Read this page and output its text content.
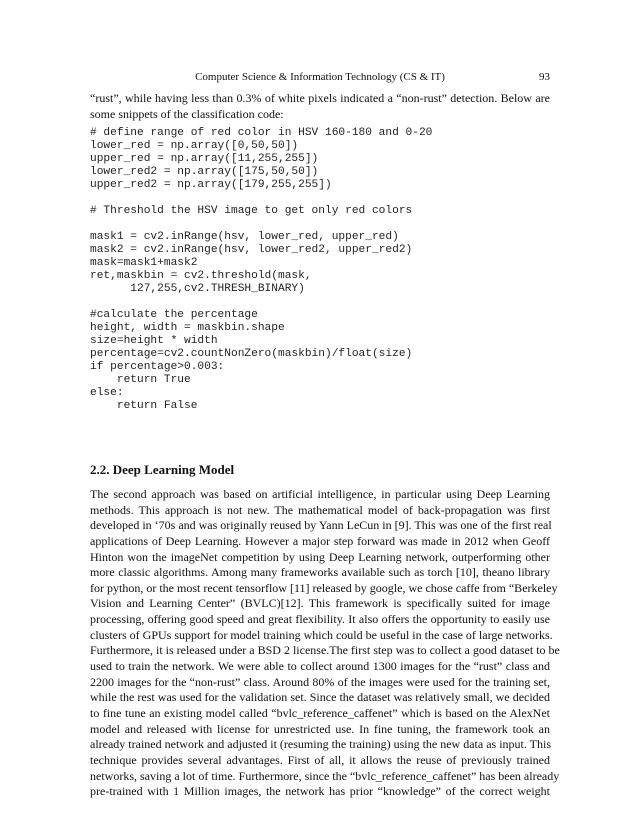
Computer Science & Information Technology (CS & IT)	93
“rust”, while having less than 0.3% of white pixels indicated a “non-rust” detection. Below are
some snippets of the classification code:
# define range of red color in HSV 160-180 and 0-20
lower_red = np.array([0,50,50])
upper_red = np.array([11,255,255])
lower_red2 = np.array([175,50,50])
upper_red2 = np.array([179,255,255])
# Threshold the HSV image to get only red colors
mask1 = cv2.inRange(hsv, lower_red, upper_red)
mask2 = cv2.inRange(hsv, lower_red2, upper_red2)
mask=mask1+mask2
ret,maskbin = cv2.threshold(mask,
127,255,cv2.THRESH_BINARY)
#calculate the percentage
height, width = maskbin.shape
size=height * width
percentage=cv2.countNonZero(maskbin)/float(size)
if percentage>0.003:
return True
else:
return False
2.2. Deep Learning Model
The second approach was based on artificial intelligence, in particular using Deep Learning
methods. This approach is not new. The mathematical model of back-propagation was first
developed in ‘70s and was originally reused by Yann LeCun in [9]. This was one of the first real
applications of Deep Learning. However a major step forward was made in 2012 when Geoff
Hinton won the imageNet competition by using Deep Learning network, outperforming other
more classic algorithms. Among many frameworks available such as torch [10], theano library
for python, or the most recent tensorflow [11] released by google, we chose caffe from “Berkeley
Vision and Learning Center” (BVLC)[12]. This framework is specifically suited for image
processing, offering good speed and great flexibility. It also offers the opportunity to easily use
clusters of GPUs support for model training which could be useful in the case of large networks.
Furthermore, it is released under a BSD 2 license.The first step was to collect a good dataset to be
used to train the network. We were able to collect around 1300 images for the “rust” class and
2200 images for the “non-rust” class. Around 80% of the images were used for the training set,
while the rest was used for the validation set. Since the dataset was relatively small, we decided
to fine tune an existing model called “bvlc_reference_caffenet” which is based on the AlexNet
model and released with license for unrestricted use. In fine tuning, the framework took an
already trained network and adjusted it (resuming the training) using the new data as input. This
technique provides several advantages. First of all, it allows the reuse of previously trained
networks, saving a lot of time. Furthermore, since the “bvlc_reference_caffenet” has been already
pre-trained with 1 Million images, the network has prior “knowledge” of the correct weight
